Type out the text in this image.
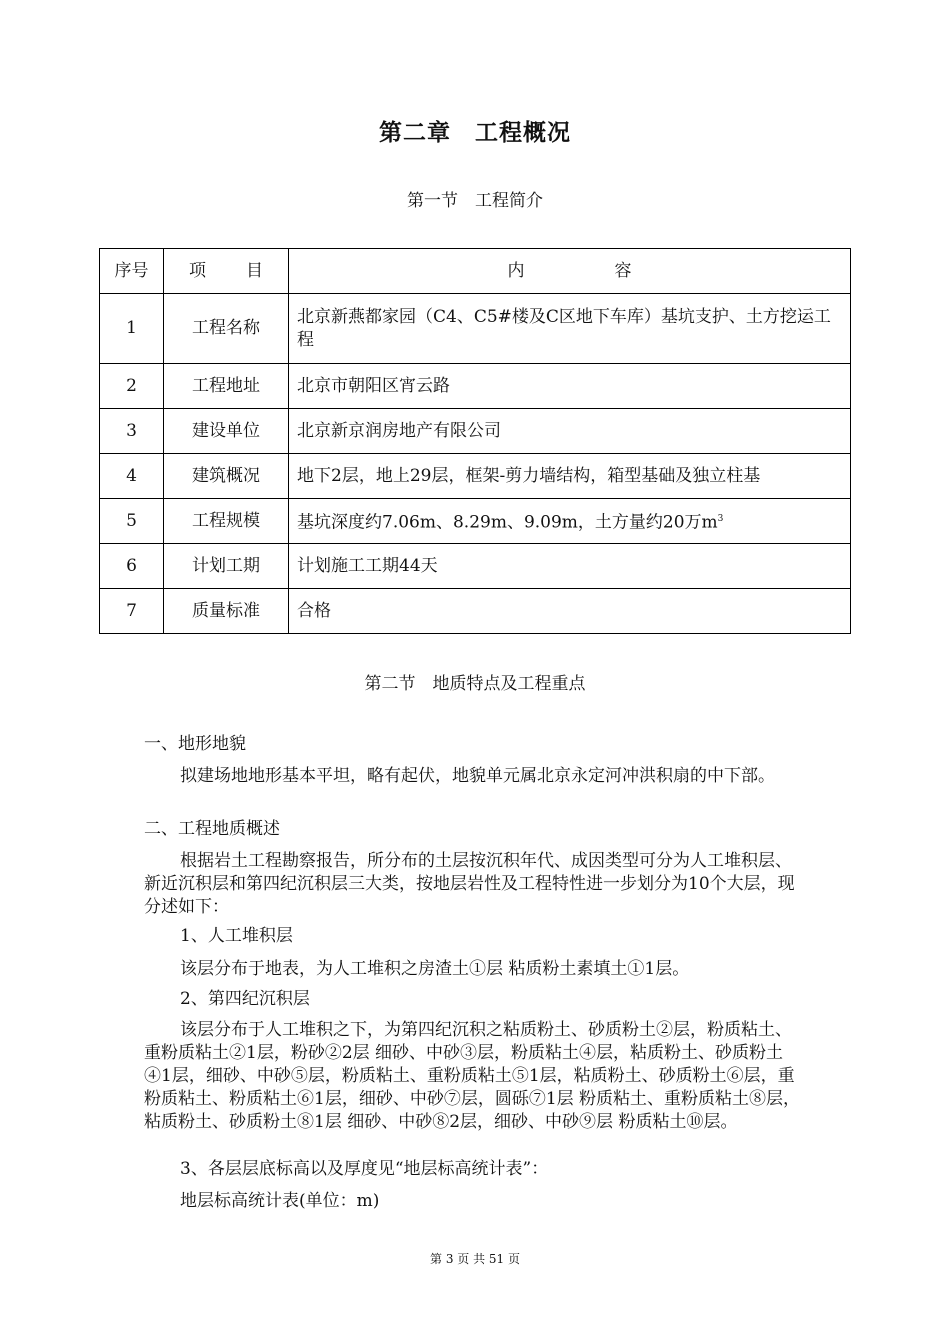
第二章　工程概况
第一节　工程简介
序号	项 目	内 容
1	工程名称	北京新燕都家园（C4、C5#楼及C区地下车库）基坑支护、土方挖运工程
2	工程地址	北京市朝阳区宵云路
3	建设单位	北京新京润房地产有限公司
4	建筑概况	地下2层，地上29层，框架-剪力墙结构，箱型基础及独立柱基
5	工程规模	基坑深度约7.06m、8.29m、9.09m，土方量约20万$m^3$
6	计划工期	计划施工工期44天
7	质量标准	合格
第二节　地质特点及工程重点

一、地形地貌

拟建场地地形基本平坦，略有起伏，地貌单元属北京永定河冲洪积扇的中下部。

二、工程地质概述

根据岩土工程勘察报告，所分布的土层按沉积年代、成因类型可分为人工堆积层、新近沉积层和第四纪沉积层三大类，按地层岩性及工程特性进一步划分为10个大层，现分述如下：

1、人工堆积层

该层分布于地表，为人工堆积之房渣土①层 粘质粉土素填土①1层。

2、第四纪沉积层

该层分布于人工堆积之下，为第四纪沉积之粘质粉土、砂质粉土②层，粉质粘土、重粉质粘土②1层，粉砂②2层 细砂、中砂③层，粉质粘土④层，粘质粉土、砂质粉土④1层，细砂、中砂⑤层，粉质粘土、重粉质粘土⑤1层，粘质粉土、砂质粉土⑥层，重粉质粘土、粉质粘土⑥1层，细砂、中砂⑦层，圆砾⑦1层 粉质粘土、重粉质粘土⑧层，粘质粉土、砂质粉土⑧1层 细砂、中砂⑧2层，细砂、中砂⑨层 粉质粘土⑩层。

3、各层层底标高以及厚度见“地层标高统计表”：

地层标高统计表(单位：m)

第 3 页 共 51 页
